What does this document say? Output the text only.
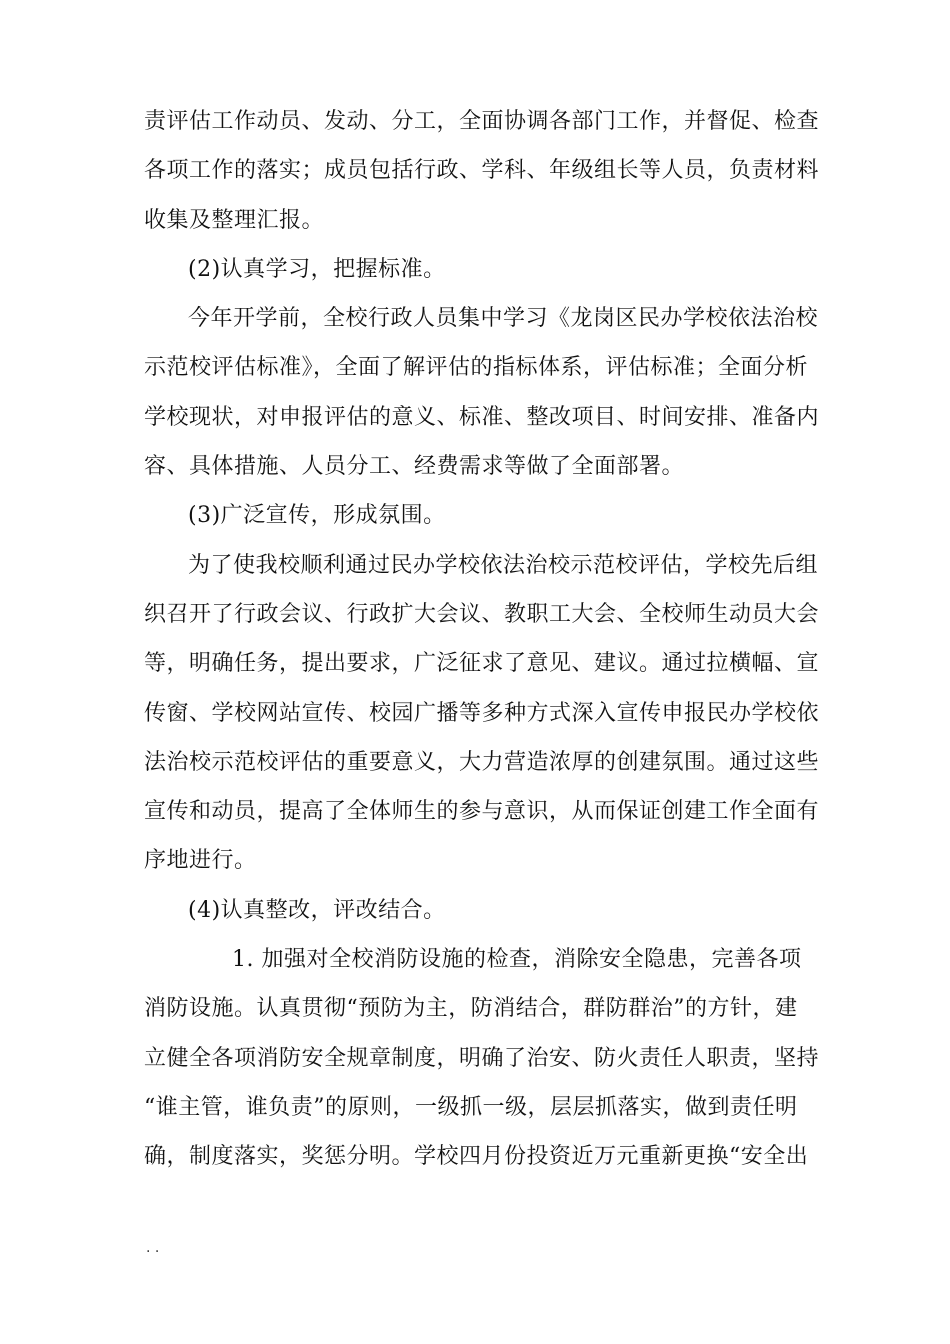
责评估工作动员、发动、分工，全面协调各部门工作，并督促、检查
各项工作的落实；成员包括行政、学科、年级组长等人员，负责材料
收集及整理汇报。
(2)认真学习，把握标准。
今年开学前，全校行政人员集中学习《龙岗区民办学校依法治校
示范校评估标准》，全面了解评估的指标体系，评估标准；全面分析
学校现状，对申报评估的意义、标准、整改项目、时间安排、准备内
容、具体措施、人员分工、经费需求等做了全面部署。
(3)广泛宣传，形成氛围。
为了使我校顺利通过民办学校依法治校示范校评估，学校先后组
织召开了行政会议、行政扩大会议、教职工大会、全校师生动员大会
等，明确任务，提出要求，广泛征求了意见、建议。通过拉横幅、宣
传窗、学校网站宣传、校园广播等多种方式深入宣传申报民办学校依
法治校示范校评估的重要意义，大力营造浓厚的创建氛围。通过这些
宣传和动员，提高了全体师生的参与意识，从而保证创建工作全面有
序地进行。
(4)认真整改，评改结合。
1. 加强对全校消防设施的检查，消除安全隐患，完善各项
消防设施。认真贯彻“预防为主，防消结合，群防群治”的方针，建
立健全各项消防安全规章制度，明确了治安、防火责任人职责，坚持
“谁主管，谁负责”的原则，一级抓一级，层层抓落实，做到责任明
确，制度落实，奖惩分明。学校四月份投资近万元重新更换“安全出
. .
